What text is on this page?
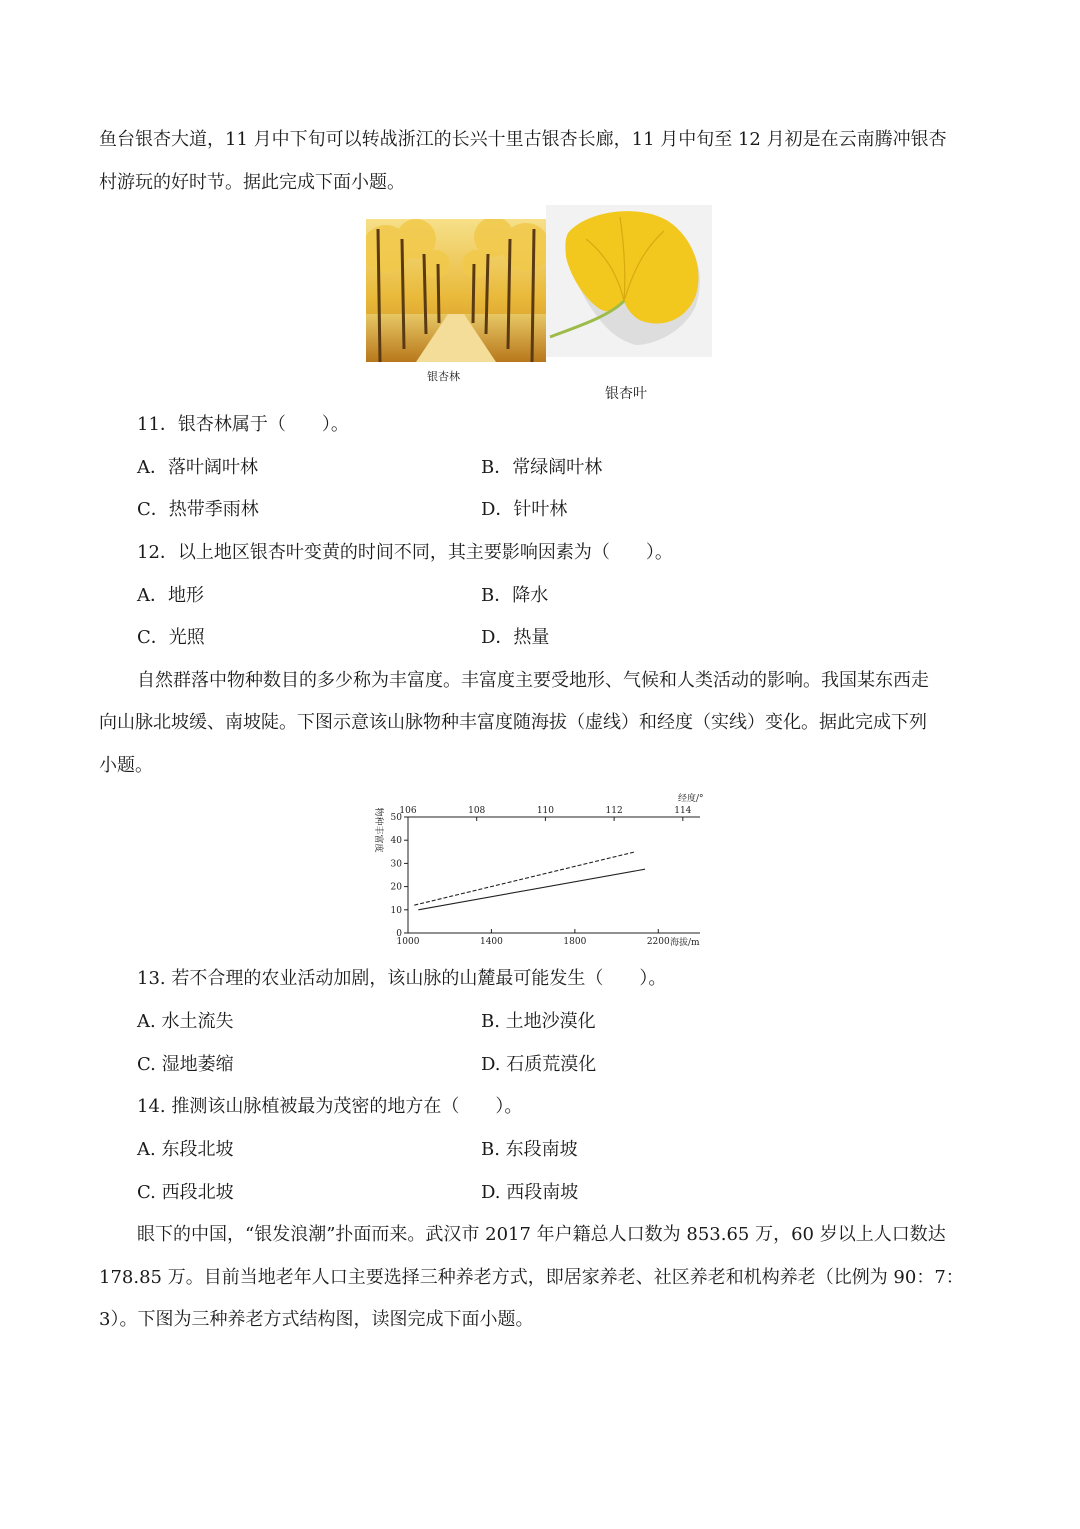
鱼台银杏大道，11 月中下旬可以转战浙江的长兴十里古银杏长廊，11 月中旬至 12 月初是在云南腾冲银杏
村游玩的好时节。据此完成下面小题。
银杏林
银杏叶
11．银杏林属于（　　）。
A．落叶阔叶林	B．常绿阔叶林
C．热带季雨林	D．针叶林
12．以上地区银杏叶变黄的时间不同，其主要影响因素为（　　）。
A．地形	B．降水
C．光照	D．热量
自然群落中物种数目的多少称为丰富度。丰富度主要受地形、气候和人类活动的影响。我国某东西走
向山脉北坡缓、南坡陡。下图示意该山脉物种丰富度随海拔（虚线）和经度（实线）变化。据此完成下列
小题。
0
10
20
30
40
50
1000	1400	1800	2200
106	108	110	112	114
物种丰富度
海拔/m
经度/°
13. 若不合理的农业活动加剧，该山脉的山麓最可能发生（　　）。
A. 水土流失	B. 土地沙漠化
C. 湿地萎缩	D. 石质荒漠化
14. 推测该山脉植被最为茂密的地方在（　　）。
A. 东段北坡	B. 东段南坡
C. 西段北坡	D. 西段南坡
眼下的中国，“银发浪潮”扑面而来。武汉市 2017 年户籍总人口数为 853.65 万，60 岁以上人口数达
178.85 万。目前当地老年人口主要选择三种养老方式，即居家养老、社区养老和机构养老（比例为 90：7：
3）。下图为三种养老方式结构图，读图完成下面小题。
